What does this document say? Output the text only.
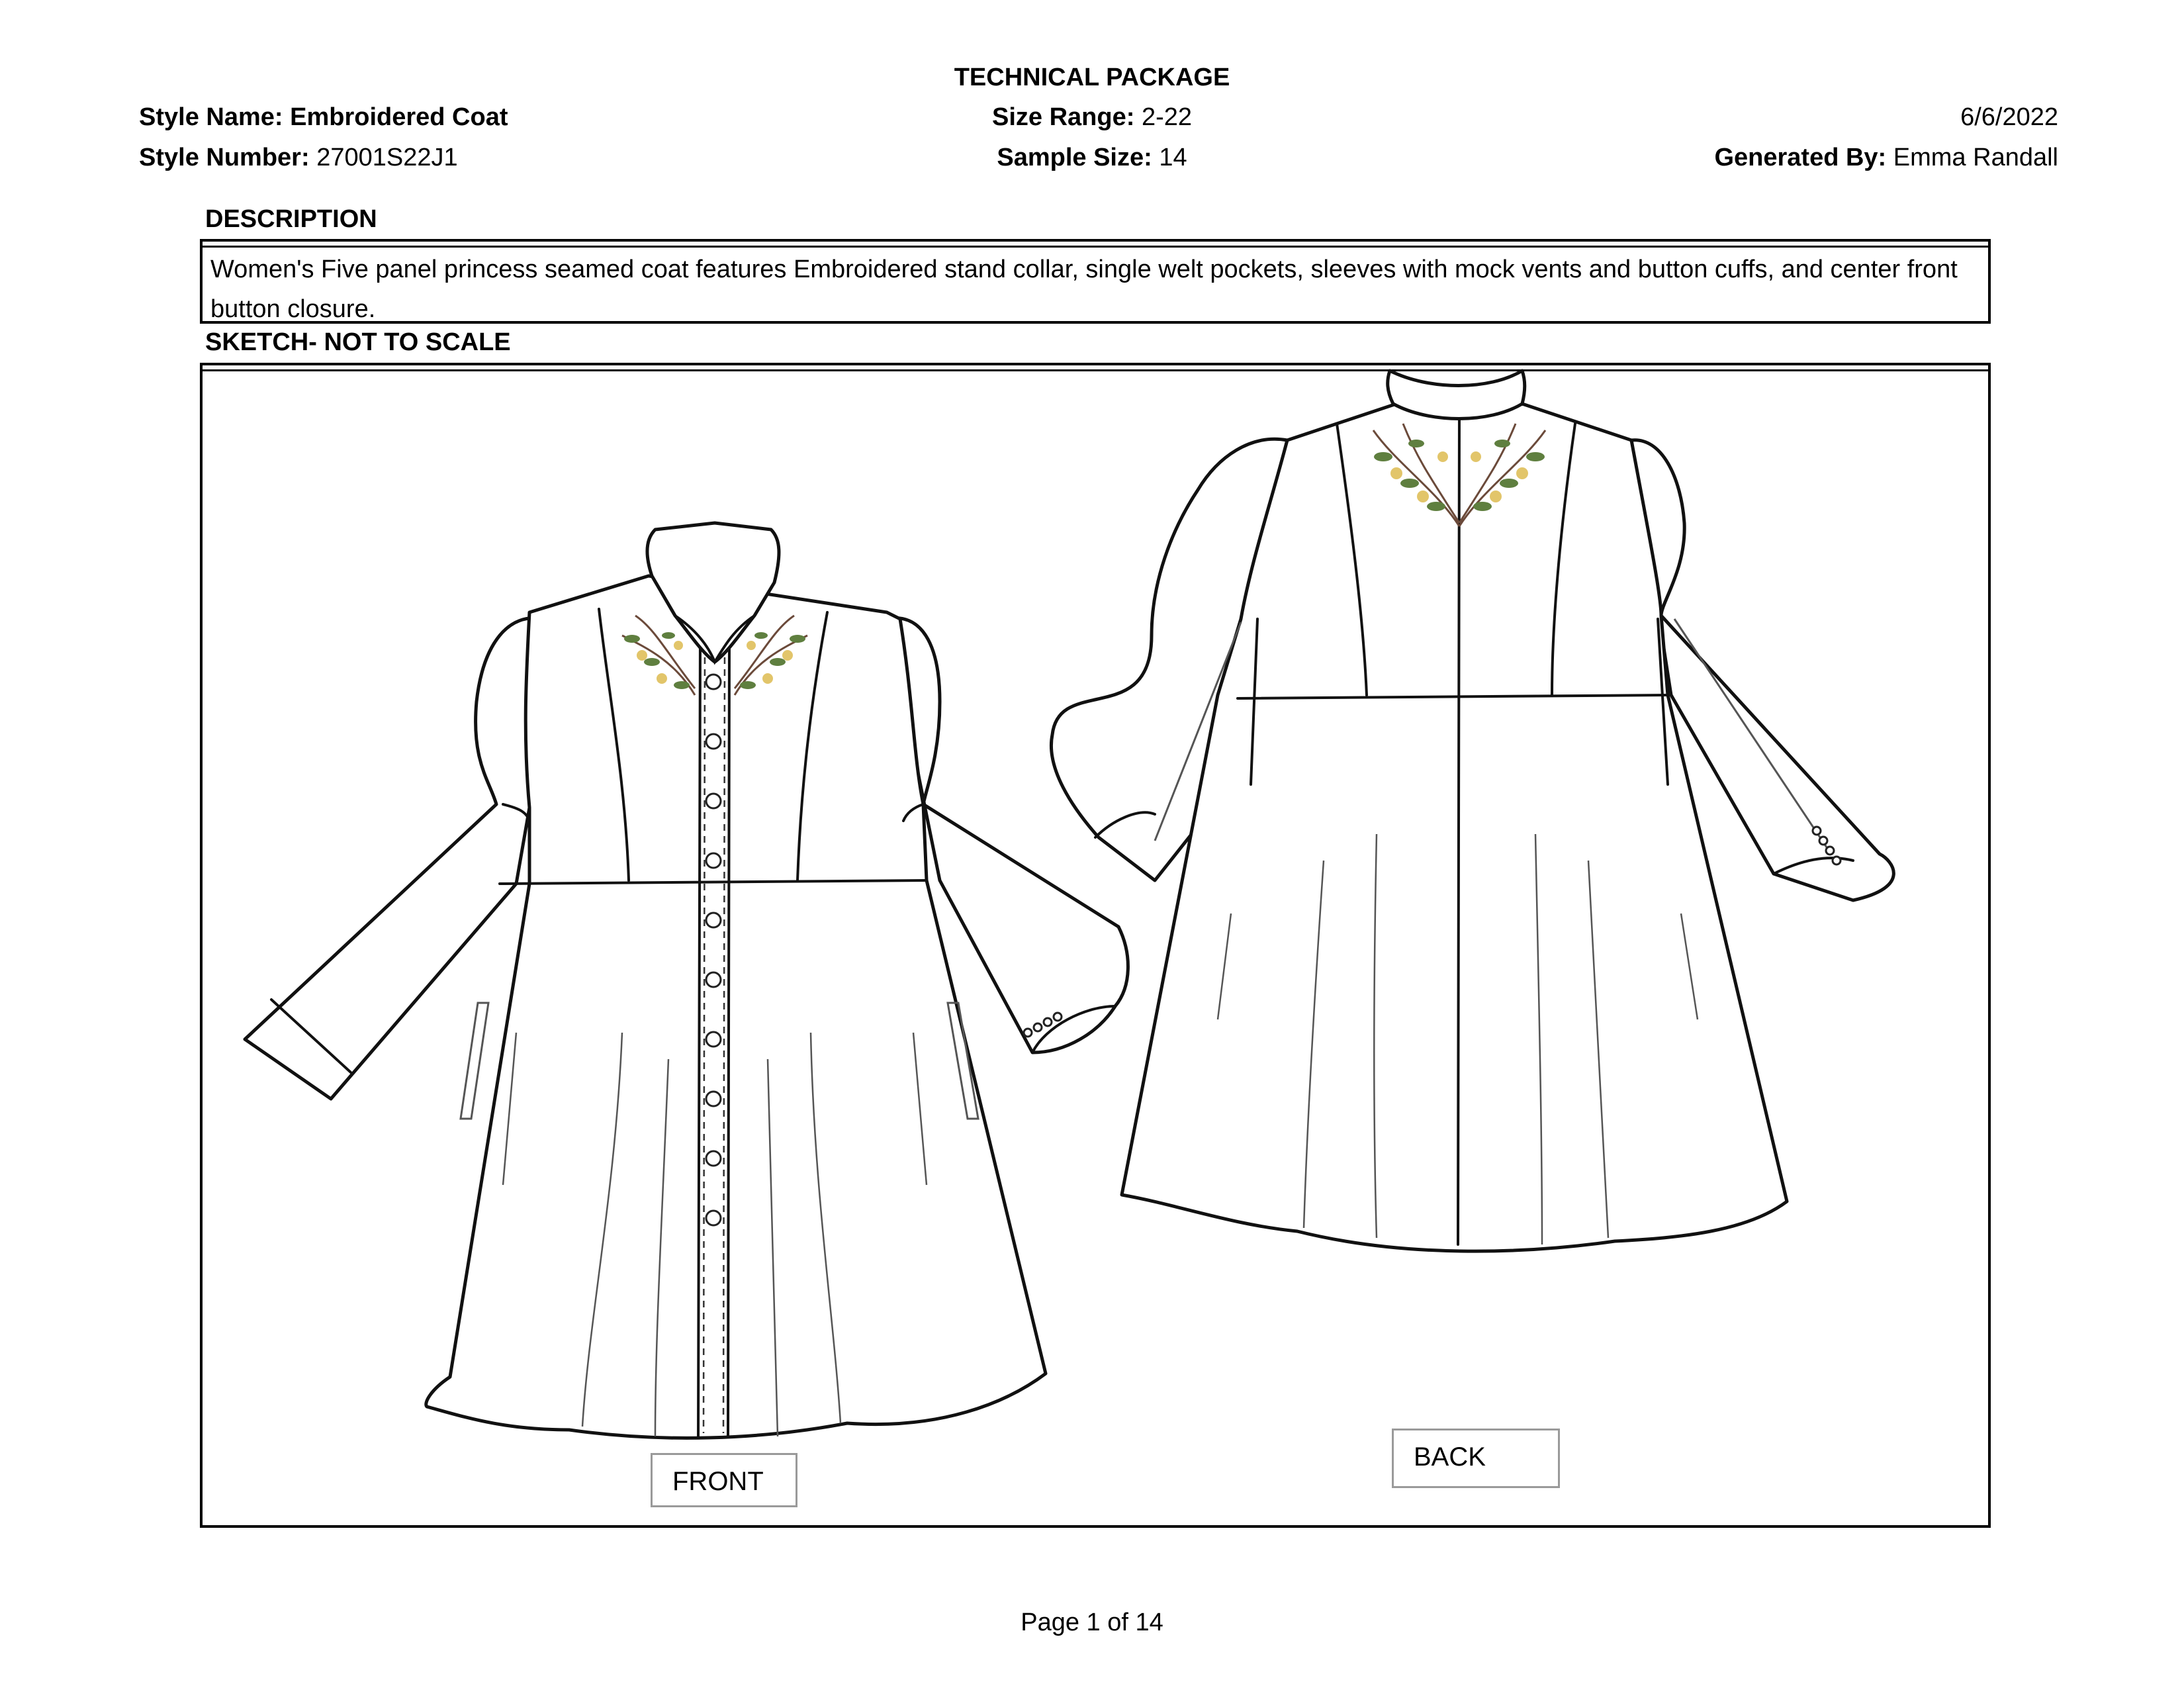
TECHNICAL PACKAGE
Style Name: Embroidered Coat
Style Number: 27001S22J1
Size Range: 2-22
Sample Size: 14
6/6/2022
Generated By: Emma Randall
DESCRIPTION
Women's Five panel princess seamed coat features Embroidered stand collar, single welt pockets, sleeves with mock vents and button cuffs, and center front button closure.
SKETCH- NOT TO SCALE
FRONT
BACK
Page 1 of 14
